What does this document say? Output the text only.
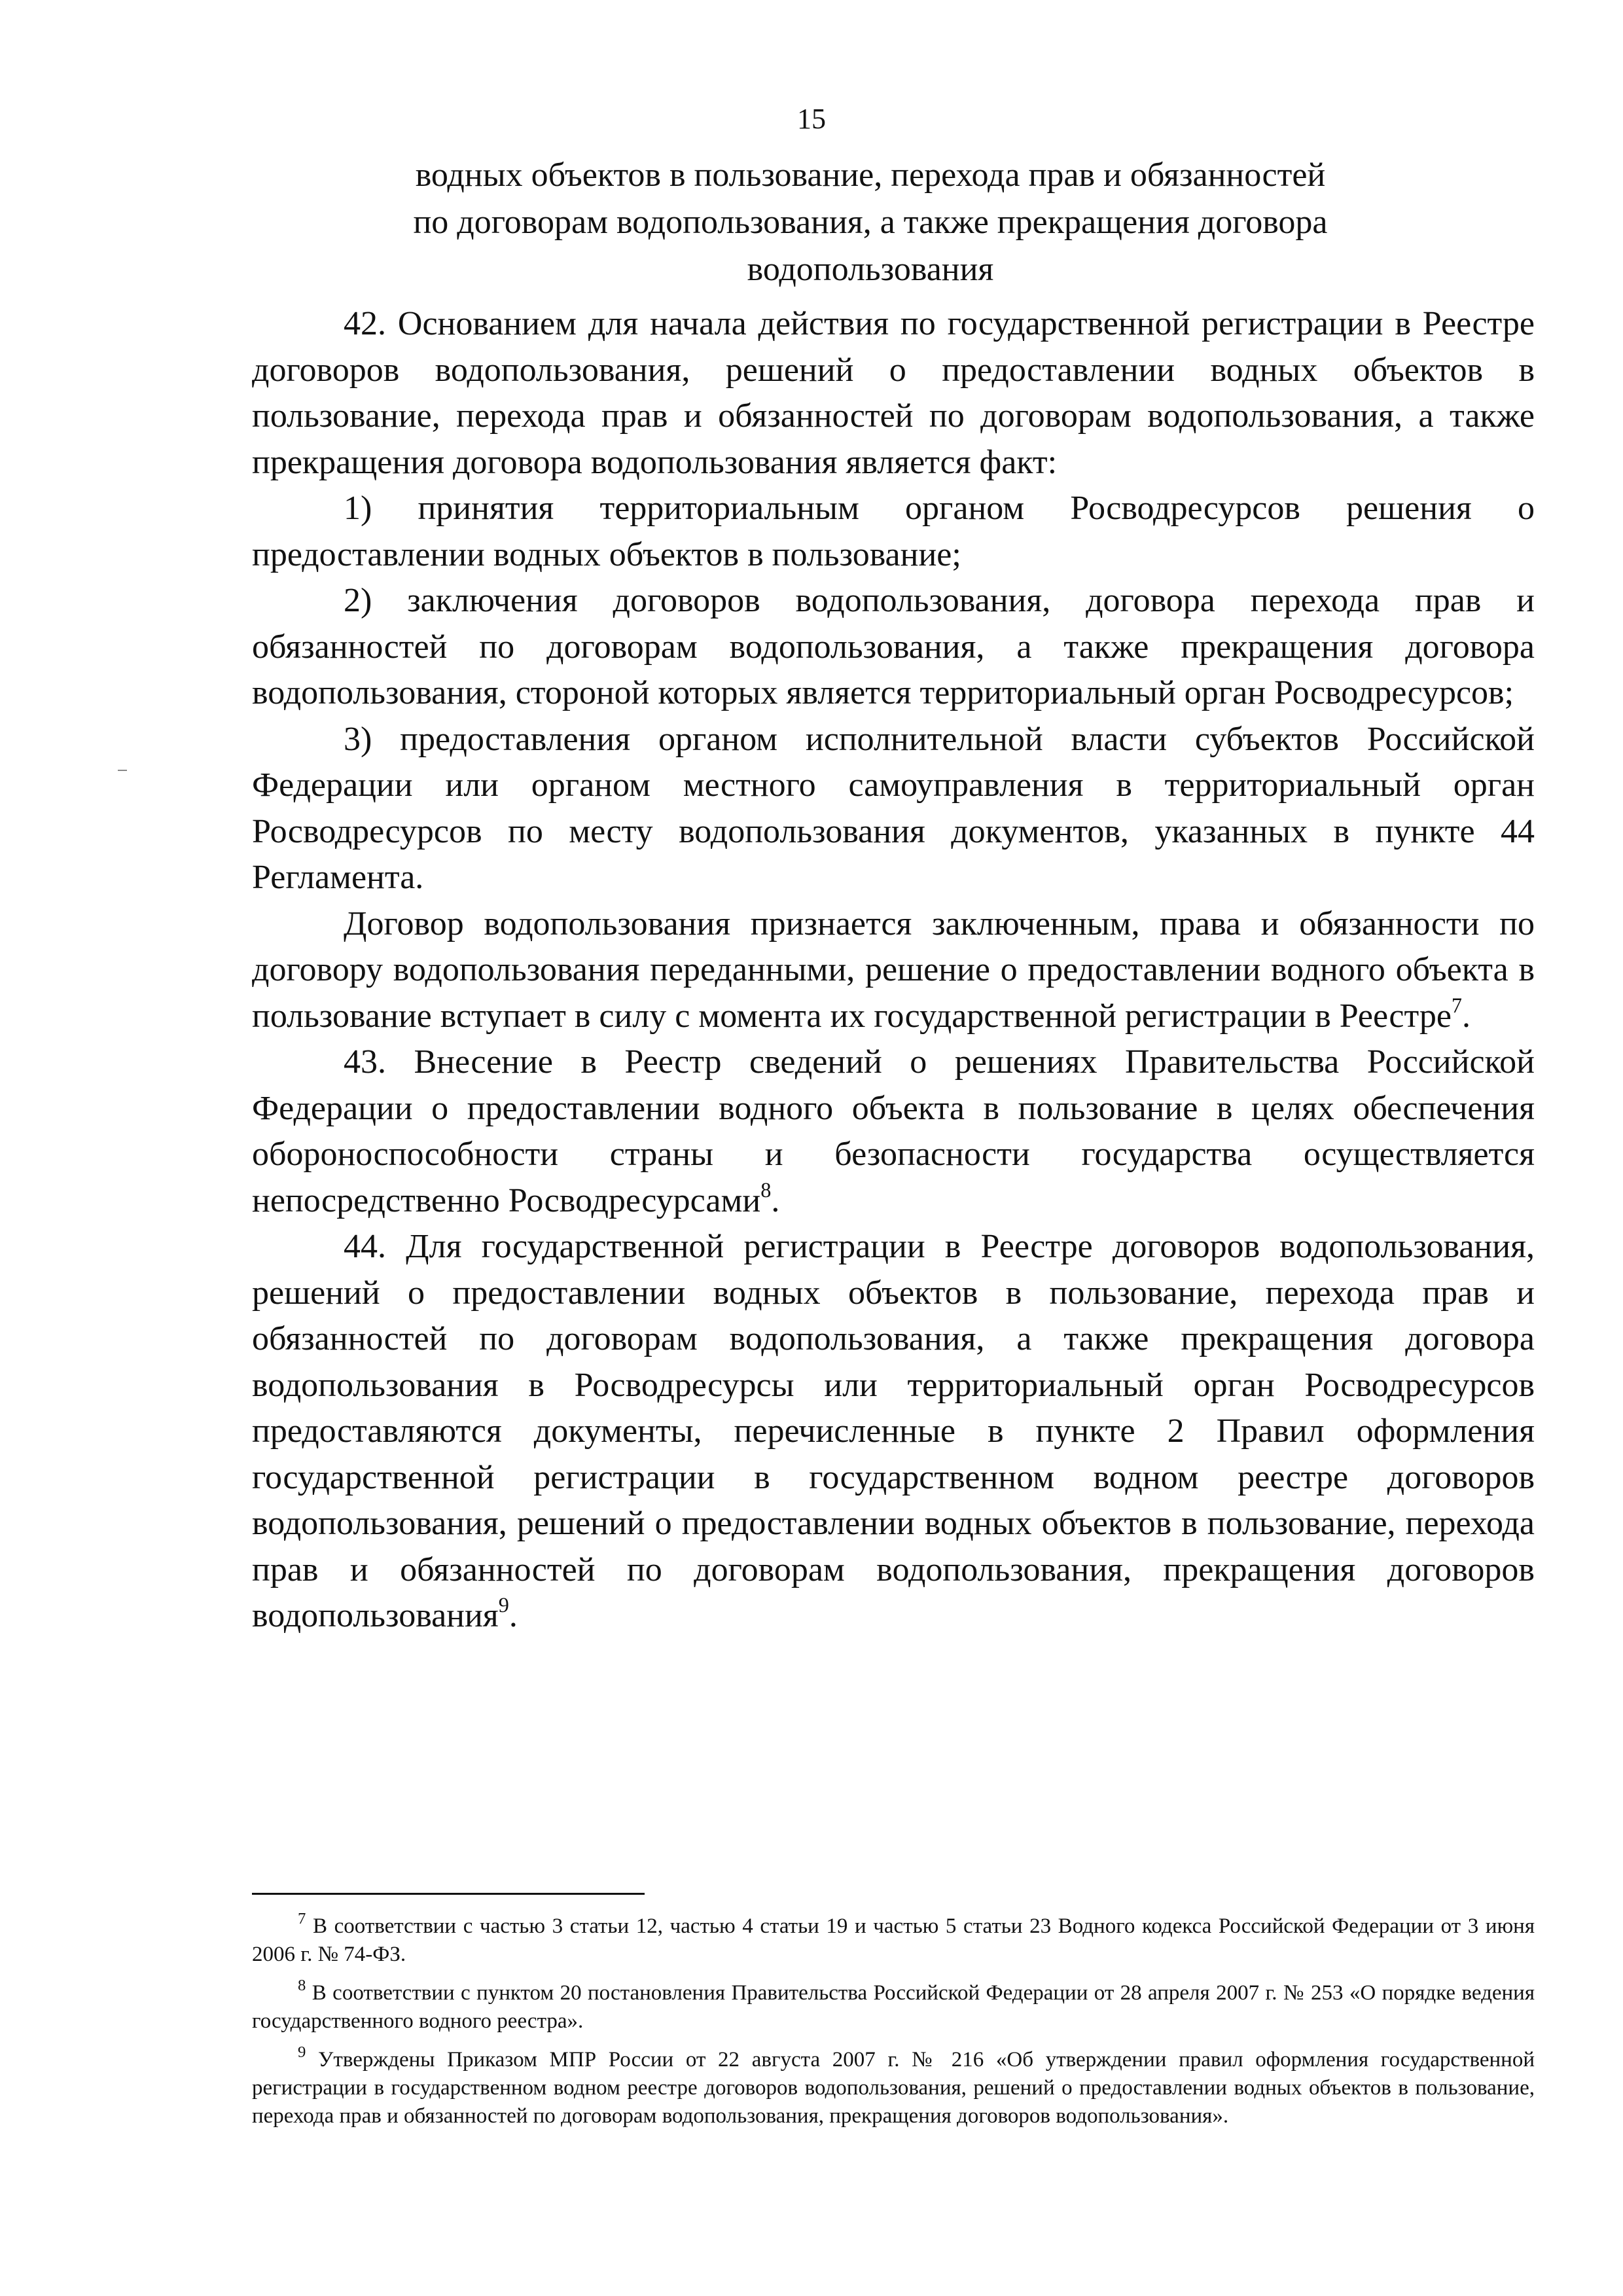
15
водных объектов в пользование, перехода прав и обязанностей
по договорам водопользования, а также прекращения договора
водопользования

42. Основанием для начала действия по государственной регистрации в Реестре договоров водопользования, решений о предоставлении водных объектов в пользование, перехода прав и обязанностей по договорам водопользования, а также прекращения договора водопользования является факт:

1) принятия территориальным органом Росводресурсов решения о предоставлении водных объектов в пользование;

2) заключения договоров водопользования, договора перехода прав и обязанностей по договорам водопользования, а также прекращения договора водопользования, стороной которых является территориальный орган Росводресурсов;

3) предоставления органом исполнительной власти субъектов Российской Федерации или органом местного самоуправления в территориальный орган Росводресурсов по месту водопользования документов, указанных в пункте 44 Регламента.

Договор водопользования признается заключенным, права и обязанности по договору водопользования переданными, решение о предоставлении водного объекта в пользование вступает в силу с момента их государственной регистрации в Реестре$^7$.

43. Внесение в Реестр сведений о решениях Правительства Российской Федерации о предоставлении водного объекта в пользование в целях обеспечения обороноспособности страны и безопасности государства осуществляется непосредственно Росводресурсами$^8$.

44. Для государственной регистрации в Реестре договоров водопользования, решений о предоставлении водных объектов в пользование, перехода прав и обязанностей по договорам водопользования, а также прекращения договора водопользования в Росводресурсы или территориальный орган Росводресурсов предоставляются документы, перечисленные в пункте 2 Правил оформления государственной регистрации в государственном водном реестре договоров водопользования, решений о предоставлении водных объектов в пользование, перехода прав и обязанностей по договорам водопользования, прекращения договоров водопользования$^9$.

$^7$ В соответствии с частью 3 статьи 12, частью 4 статьи 19 и частью 5 статьи 23 Водного кодекса Российской Федерации от 3 июня 2006 г. № 74-ФЗ.

$^8$ В соответствии с пунктом 20 постановления Правительства Российской Федерации от 28 апреля 2007 г. № 253 «О порядке ведения государственного водного реестра».

$^9$ Утверждены Приказом МПР России от 22 августа 2007 г. № 216 «Об утверждении правил оформления государственной регистрации в государственном водном реестре договоров водопользования, решений о предоставлении водных объектов в пользование, перехода прав и обязанностей по договорам водопользования, прекращения договоров водопользования».
